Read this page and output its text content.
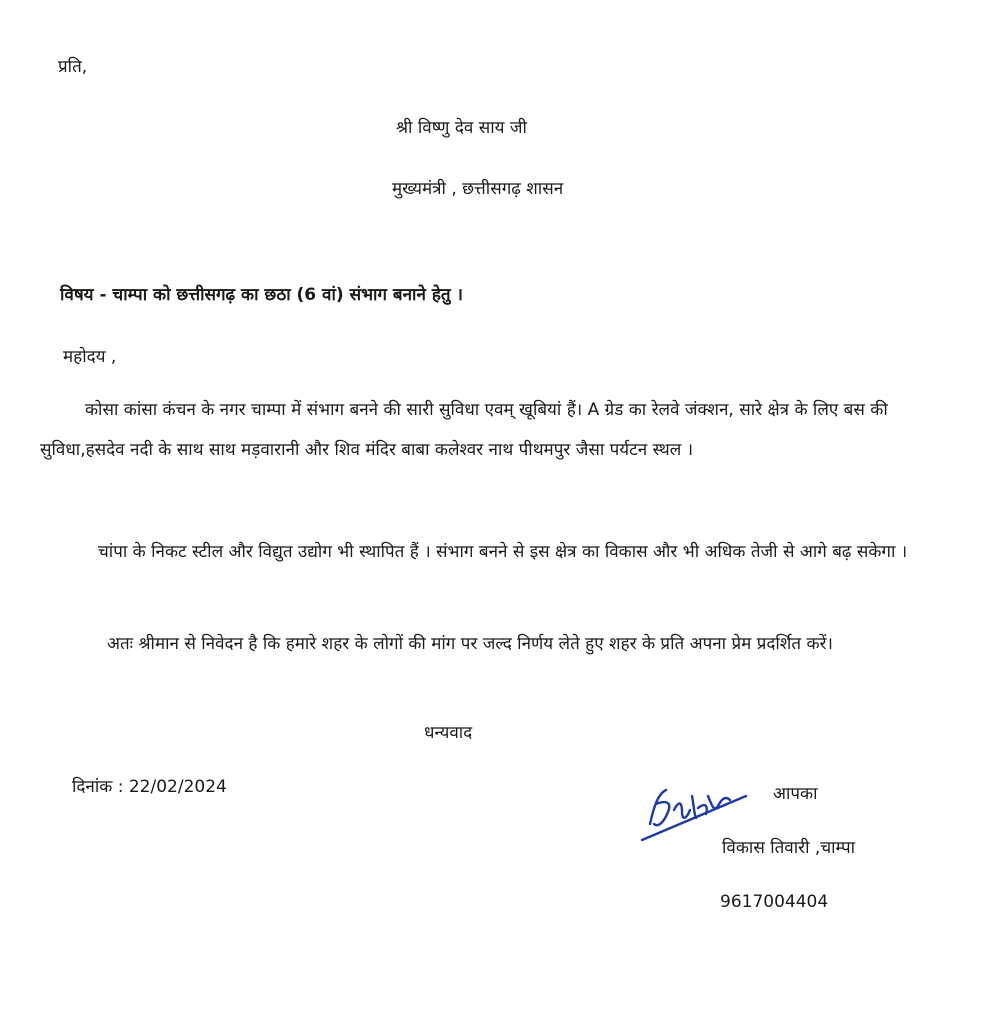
प्रति,
श्री विष्णु देव साय जी
मुख्यमंत्री , छत्तीसगढ़ शासन
विषय - चाम्पा को छत्तीसगढ़ का छठा (6 वां) संभाग बनाने हेतु ।
महोदय ,
कोसा कांसा कंचन के नगर चाम्पा में संभाग बनने की सारी सुविधा एवम् खूबियां हैं। A ग्रेड का रेलवे जंक्शन, सारे क्षेत्र के लिए बस की सुविधा,हसदेव नदी के साथ साथ मड़वारानी और शिव मंदिर बाबा कलेश्वर नाथ पीथमपुर जैसा पर्यटन स्थल ।
चांपा के निकट स्टील और विद्युत उद्योग भी स्थापित हैं । संभाग बनने से इस क्षेत्र का विकास और भी अधिक तेजी से आगे बढ़ सकेगा ।
अतः श्रीमान से निवेदन है कि हमारे शहर के लोगों की मांग पर जल्द निर्णय लेते हुए शहर के प्रति अपना प्रेम प्रदर्शित करें।
धन्यवाद
दिनांक : 22/02/2024	आपका
विकास तिवारी ,चाम्पा
9617004404
